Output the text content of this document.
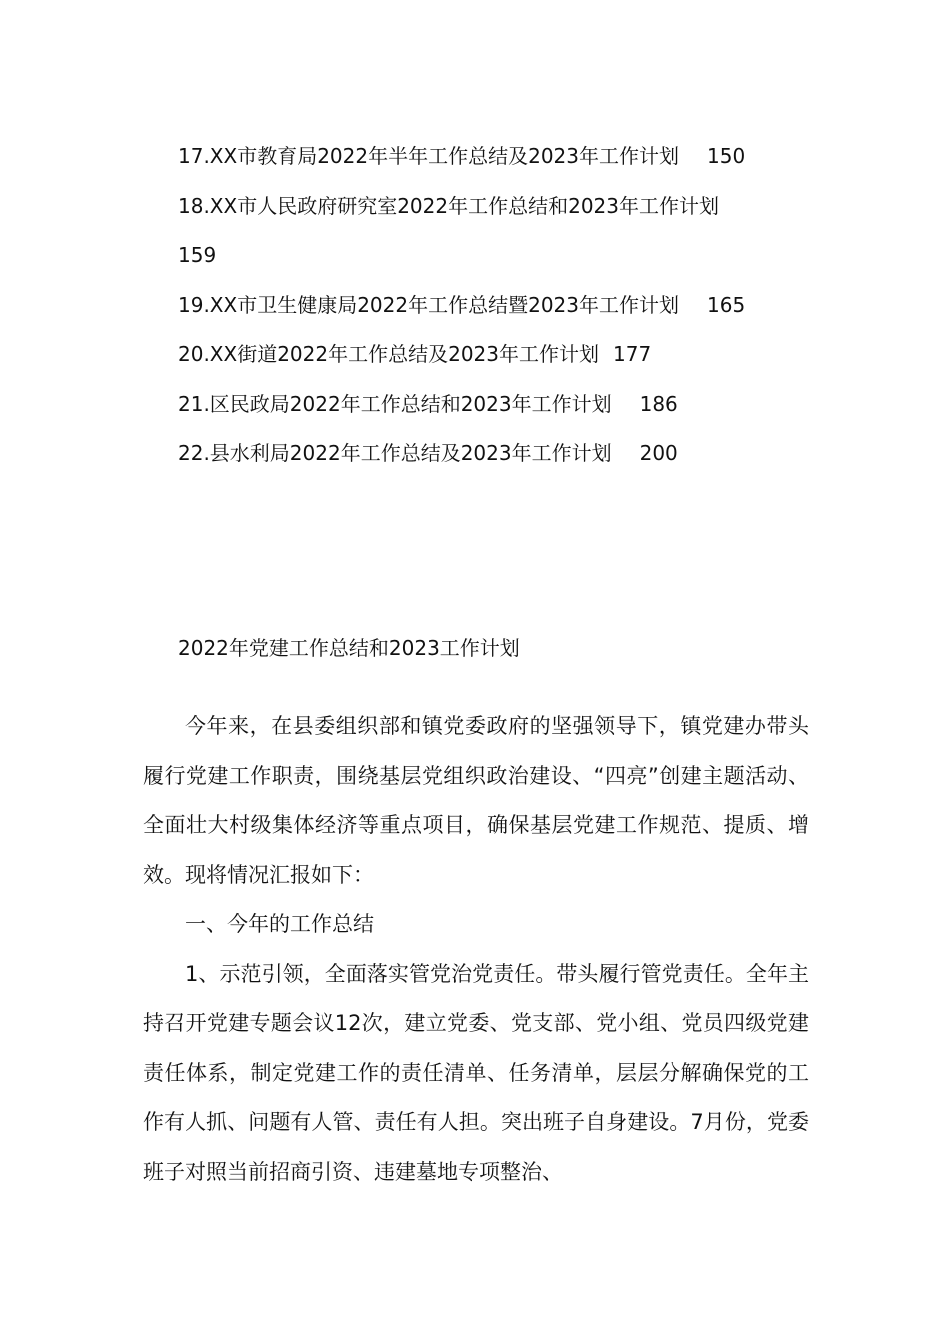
17.XX市教育局2022年半年工作总结及2023年工作计划 150

18.XX市人民政府研究室2022年工作总结和2023年工作计划
159

19.XX市卫生健康局2022年工作总结暨2023年工作计划 165

20.XX街道2022年工作总结及2023年工作计划 177

21.区民政局2022年工作总结和2023年工作计划 186

22.县水利局2022年工作总结及2023年工作计划 200

2022年党建工作总结和2023工作计划

今年来，在县委组织部和镇党委政府的坚强领导下，镇党建办带头履行党建工作职责，围绕基层党组织政治建设、“四亮”创建主题活动、全面壮大村级集体经济等重点项目，确保基层党建工作规范、提质、增效。现将情况汇报如下：

一、今年的工作总结

1、示范引领，全面落实管党治党责任。带头履行管党责任。全年主持召开党建专题会议12次，建立党委、党支部、党小组、党员四级党建责任体系，制定党建工作的责任清单、任务清单，层层分解确保党的工作有人抓、问题有人管、责任有人担。突出班子自身建设。7月份，党委班子对照当前招商引资、违建墓地专项整治、
